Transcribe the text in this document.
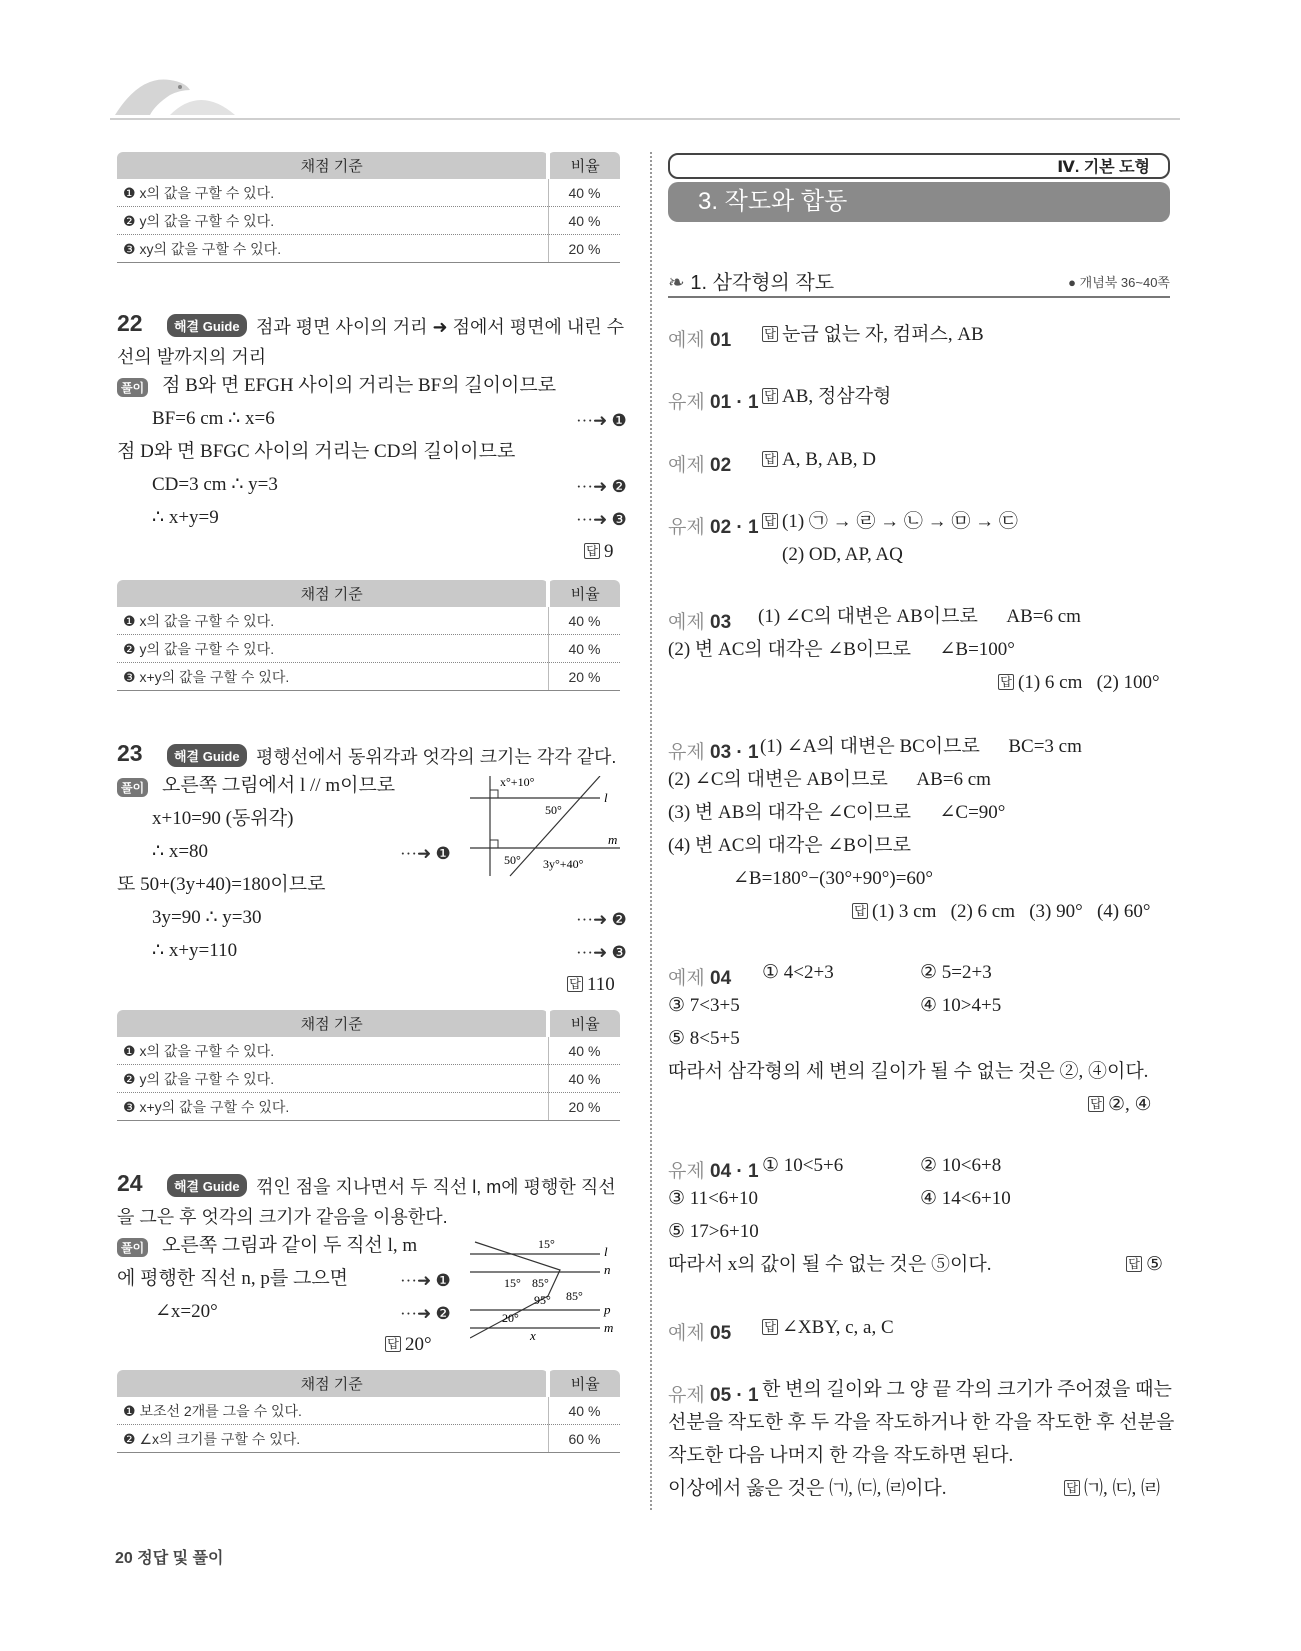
채점 기준	비율
❶ x의 값을 구할 수 있다.	40 %
❷ y의 값을 구할 수 있다.	40 %
❸ xy의 값을 구할 수 있다.	20 %
22	해결 Guide 점과 평면 사이의 거리 ➜ 점에서 평면에 내린 수
선의 발까지의 거리
풀이 점 B와 면 EFGH 사이의 거리는 BF의 길이이므로
BF=6 cm ∴ x=6	···➜ ❶
점 D와 면 BFGC 사이의 거리는 CD의 길이이므로
CD=3 cm ∴ y=3	···➜ ❷
∴ x+y=9	···➜ ❸
답 9
채점 기준	비율
❶ x의 값을 구할 수 있다.	40 %
❷ y의 값을 구할 수 있다.	40 %
❸ x+y의 값을 구할 수 있다.	20 %
23	해결 Guide 평행선에서 동위각과 엇각의 크기는 각각 같다.
풀이 오른쪽 그림에서 l // m이므로
x+10=90 (동위각)
∴ x=80	···➜ ❶
또 50+(3y+40)=180이므로
3y=90 ∴ y=30	···➜ ❷
∴ x+y=110	···➜ ❸
답 110
x°+10°
50°
50° 3y°+40°
l
m
채점 기준	비율
❶ x의 값을 구할 수 있다.	40 %
❷ y의 값을 구할 수 있다.	40 %
❸ x+y의 값을 구할 수 있다.	20 %
24	해결 Guide 꺾인 점을 지나면서 두 직선 l, m에 평행한 직선
을 그은 후 엇각의 크기가 같음을 이용한다.
풀이 오른쪽 그림과 같이 두 직선 l, m
에 평행한 직선 n, p를 그으면	···➜ ❶
∠x=20°	···➜ ❷
답 20°
15°
15° 85°
95° 85°
20°
x
l
n
p
m
채점 기준	비율
❶ 보조선 2개를 그을 수 있다.	40 %
❷ ∠x의 크기를 구할 수 있다.	60 %
20 정답 및 풀이
Ⅳ. 기본 도형
3. 작도와 합동
❧ 1. 삼각형의 작도	● 개념북 36~40쪽
예제 01	답 눈금 없는 자, 컴퍼스, AB
유제 01 · 1 답 AB, 정삼각형
예제 02	답 A, B, AB, D
유제 02 · 1 답 (1) ㉠ → ㉣ → ㉡ → ㉤ → ㉢
(2) OD, AP, AQ
예제 03 (1) ∠C의 대변은 AB이므로      AB=6 cm
(2) 변 AC의 대각은 ∠B이므로      ∠B=100°
답 (1) 6 cm   (2) 100°
유제 03 · 1 (1) ∠A의 대변은 BC이므로      BC=3 cm
(2) ∠C의 대변은 AB이므로      AB=6 cm
(3) 변 AB의 대각은 ∠C이므로      ∠C=90°
(4) 변 AC의 대각은 ∠B이므로
∠B=180°−(30°+90°)=60°
답 (1) 3 cm   (2) 6 cm   (3) 90°   (4) 60°
예제 04 ① 4<2+3	② 5=2+3
③ 7<3+5	④ 10>4+5
⑤ 8<5+5
따라서 삼각형의 세 변의 길이가 될 수 없는 것은 ②, ④이다.
답 ②, ④
유제 04 · 1 ① 10<5+6	② 10<6+8
③ 11<6+10	④ 14<6+10
⑤ 17>6+10
따라서 x의 값이 될 수 없는 것은 ⑤이다.	답 ⑤
예제 05	답 ∠XBY, c, a, C
유제 05 · 1 한 변의 길이와 그 양 끝 각의 크기가 주어졌을 때는
선분을 작도한 후 두 각을 작도하거나 한 각을 작도한 후 선분을
작도한 다음 나머지 한 각을 작도하면 된다.
이상에서 옳은 것은 ㈀, ㈂, ㈃이다.	답 ㈀, ㈂, ㈃
